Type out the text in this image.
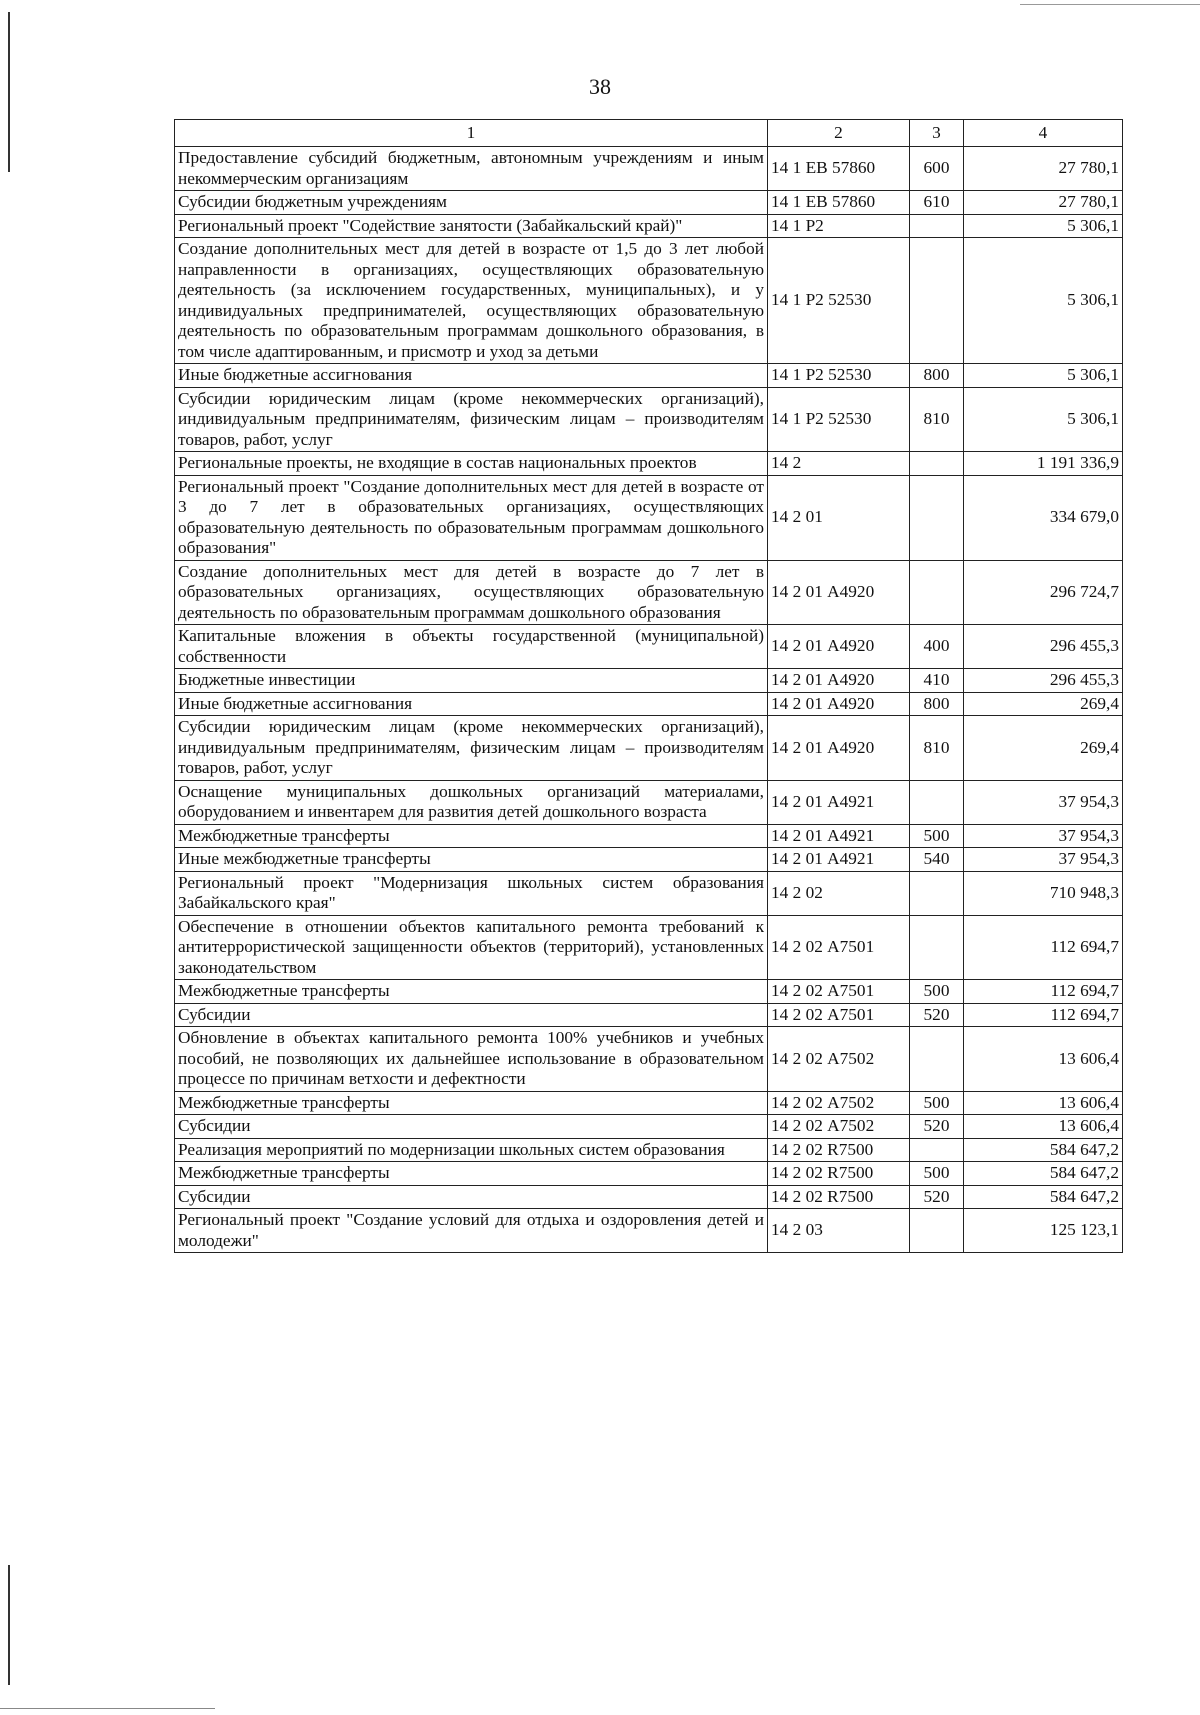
38
1	2	3	4
Предоставление субсидий бюджетным, автономным учреждениям и иным некоммерческим организациям	14 1 ЕВ 57860	600	27 780,1
Субсидии бюджетным учреждениям	14 1 ЕВ 57860	610	27 780,1
Региональный проект "Содействие занятости (Забайкальский край)"	14 1 Р2		5 306,1
Создание дополнительных мест для детей в возрасте от 1,5 до 3 лет любой направленности в организациях, осуществляющих образовательную деятельность (за исключением государственных, муниципальных), и у индивидуальных предпринимателей, осуществляющих образовательную деятельность по образовательным программам дошкольного образования, в том числе адаптированным, и присмотр и уход за детьми	14 1 Р2 52530		5 306,1
Иные бюджетные ассигнования	14 1 Р2 52530	800	5 306,1
Субсидии юридическим лицам (кроме некоммерческих организаций), индивидуальным предпринимателям, физическим лицам – производителям товаров, работ, услуг	14 1 Р2 52530	810	5 306,1
Региональные проекты, не входящие в состав национальных проектов	14 2		1 191 336,9
Региональный проект "Создание дополнительных мест для детей в возрасте от 3 до 7 лет в образовательных организациях, осуществляющих образовательную деятельность по образовательным программам дошкольного образования"	14 2 01		334 679,0
Создание дополнительных мест для детей в возрасте до 7 лет в образовательных организациях, осуществляющих образовательную деятельность по образовательным программам дошкольного образования	14 2 01 А4920		296 724,7
Капитальные вложения в объекты государственной (муниципальной) собственности	14 2 01 А4920	400	296 455,3
Бюджетные инвестиции	14 2 01 А4920	410	296 455,3
Иные бюджетные ассигнования	14 2 01 А4920	800	269,4
Субсидии юридическим лицам (кроме некоммерческих организаций), индивидуальным предпринимателям, физическим лицам – производителям товаров, работ, услуг	14 2 01 А4920	810	269,4
Оснащение муниципальных дошкольных организаций материалами, оборудованием и инвентарем для развития детей дошкольного возраста	14 2 01 А4921		37 954,3
Межбюджетные трансферты	14 2 01 А4921	500	37 954,3
Иные межбюджетные трансферты	14 2 01 А4921	540	37 954,3
Региональный проект "Модернизация школьных систем образования Забайкальского края"	14 2 02		710 948,3
Обеспечение в отношении объектов капитального ремонта требований к антитеррористической защищенности объектов (территорий), установленных законодательством	14 2 02 А7501		112 694,7
Межбюджетные трансферты	14 2 02 А7501	500	112 694,7
Субсидии	14 2 02 А7501	520	112 694,7
Обновление в объектах капитального ремонта 100% учебников и учебных пособий, не позволяющих их дальнейшее использование в образовательном процессе по причинам ветхости и дефектности	14 2 02 А7502		13 606,4
Межбюджетные трансферты	14 2 02 А7502	500	13 606,4
Субсидии	14 2 02 А7502	520	13 606,4
Реализация мероприятий по модернизации школьных систем образования	14 2 02 R7500		584 647,2
Межбюджетные трансферты	14 2 02 R7500	500	584 647,2
Субсидии	14 2 02 R7500	520	584 647,2
Региональный проект "Создание условий для отдыха и оздоровления детей и молодежи"	14 2 03		125 123,1
